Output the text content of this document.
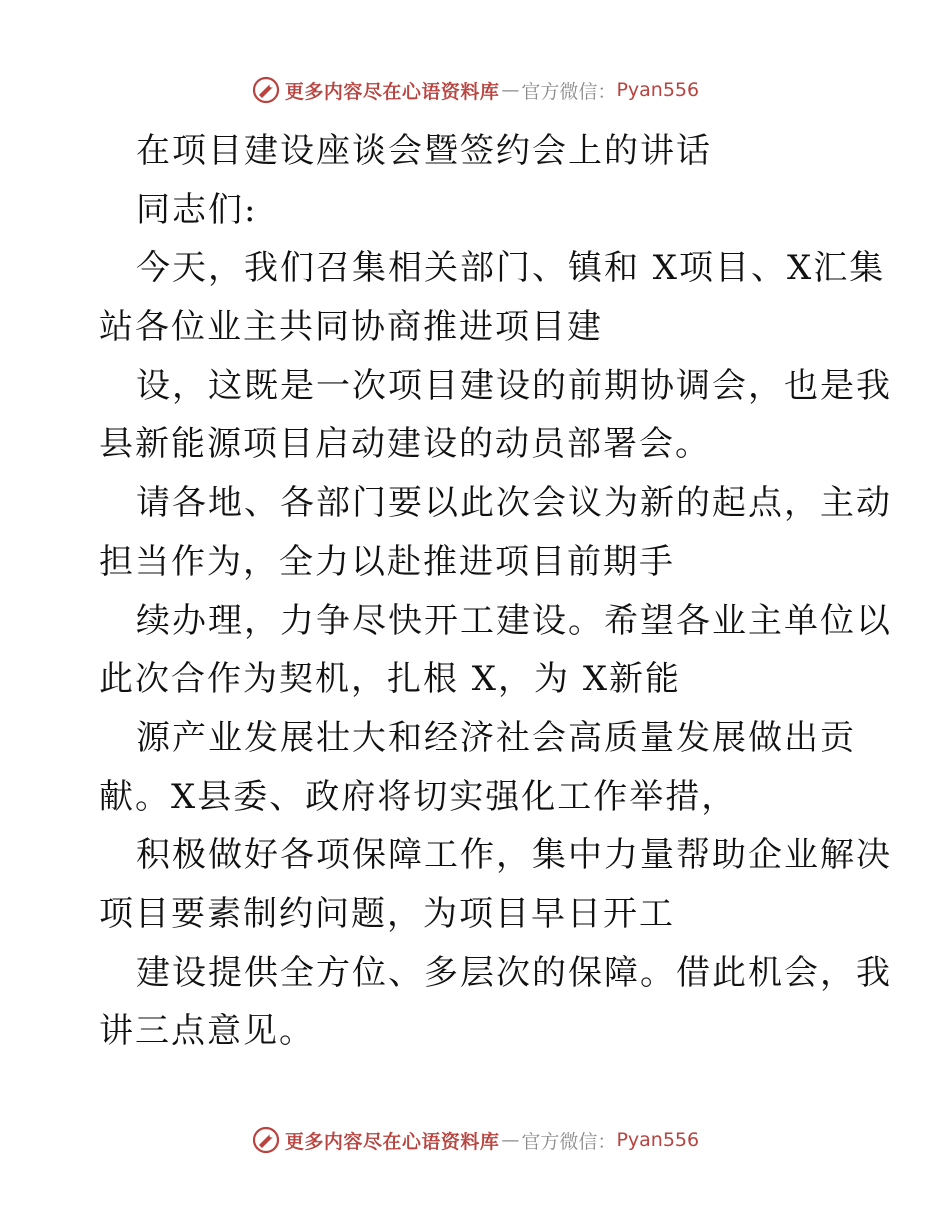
更多内容尽在心语资料库 — 官方微信： Pyan556
在项目建设座谈会暨签约会上的讲话
同志们:
今天，我们召集相关部门、镇和 X项目、X汇集
站各位业主共同协商推进项目建
设，这既是一次项目建设的前期协调会，也是我
县新能源项目启动建设的动员部署会。
请各地、各部门要以此次会议为新的起点，主动
担当作为，全力以赴推进项目前期手
续办理，力争尽快开工建设。希望各业主单位以
此次合作为契机，扎根 X，为 X新能
源产业发展壮大和经济社会高质量发展做出贡
献。X县委、政府将切实强化工作举措，
积极做好各项保障工作，集中力量帮助企业解决
项目要素制约问题，为项目早日开工
建设提供全方位、多层次的保障。借此机会，我
讲三点意见。
更多内容尽在心语资料库 — 官方微信： Pyan556
